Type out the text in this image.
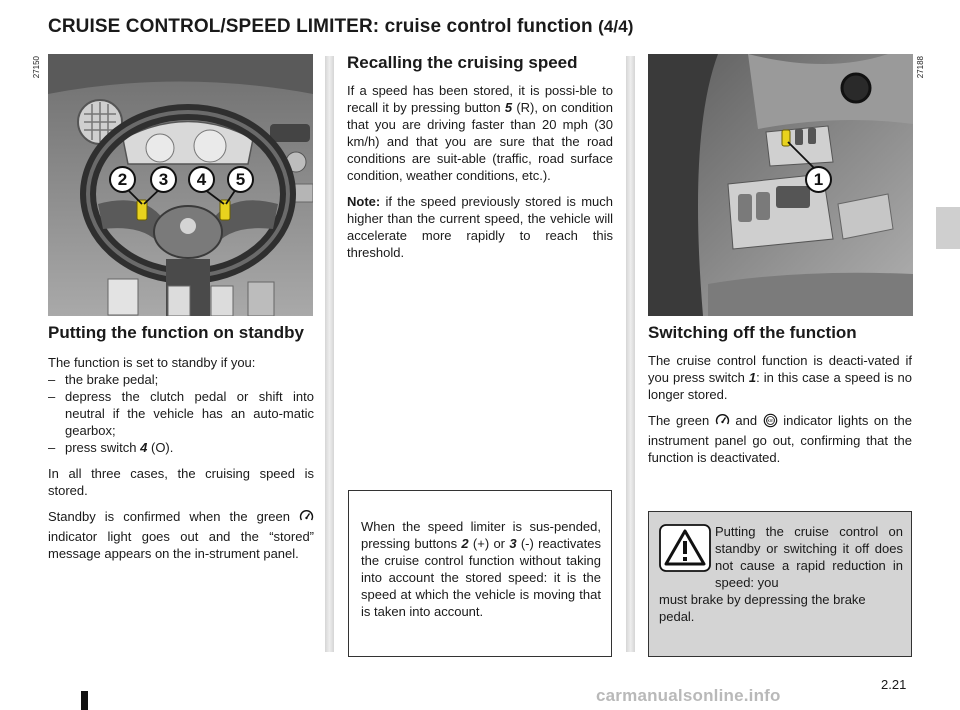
CRUISE CONTROL/SPEED LIMITER: cruise control function (4/4)
27150
2	3	4	5
27188
1
Putting the function on standby

The function is set to standby if you:

– the brake pedal;
– depress the clutch pedal or shift into neutral if the vehicle has an auto-matic gearbox;
– press switch 4 (O).

In all three cases, the cruising speed is stored.

Standby is confirmed when the green  indicator light goes out and the “stored” message appears on the in-strument panel.

Recalling the cruising speed

If a speed has been stored, it is possi-ble to recall it by pressing button 5 (R), on condition that you are driving faster than 20 mph (30 km/h) and that you are sure that the road conditions are suit-able (traffic, road surface condition, weather conditions, etc.).

Note: if the speed previously stored is much higher than the current speed, the vehicle will accelerate more rapidly to reach this threshold.

When the speed limiter is sus-pended, pressing buttons 2 (+) or 3 (-) reactivates the cruise control function without taking into account the stored speed: it is the speed at which the vehicle is moving that is taken into account.

Switching off the function

The cruise control function is deacti-vated if you press switch 1: in this case a speed is no longer stored.

The green  and km indicator lights on the instrument panel go out, confirming that the function is deactivated.

Putting the cruise control on standby or switching it off does not cause a rapid reduction in speed: you

must brake by depressing the brake pedal.

2.21
carmanualsonline.info
